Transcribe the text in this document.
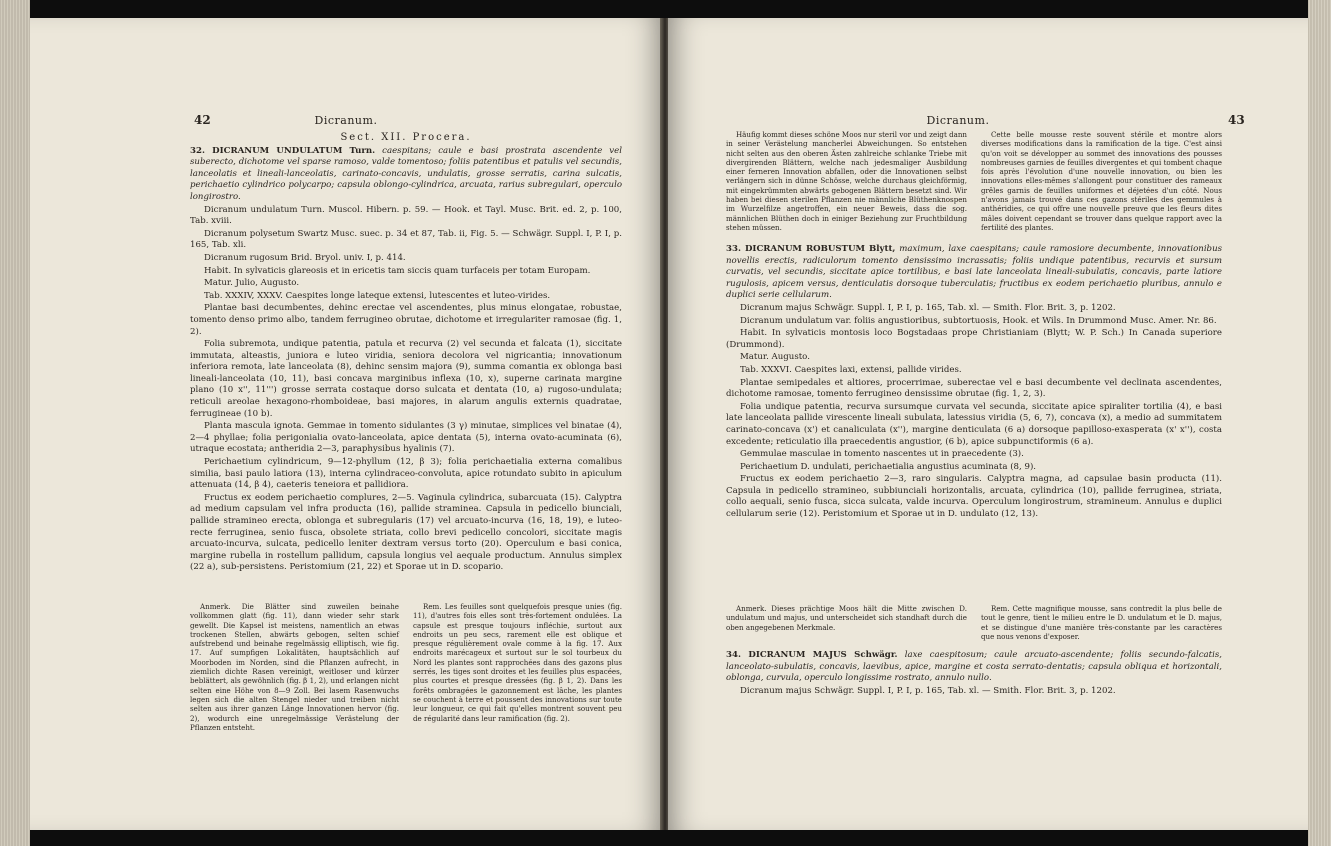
42	Dicranum.
Sect. XII. Procera.

32. DICRANUM UNDULATUM Turn. caespitans; caule e basi prostrata ascendente vel suberecto, dichotome vel sparse ramoso, valde tomentoso; foliis patentibus et patulis vel secundis, lanceolatis et lineali-lanceolatis, carinato-concavis, undulatis, grosse serratis, carina sulcatis, perichaetio cylindrico polycarpo; capsula oblongo-cylindrica, arcuata, rarius subregulari, operculo longirostro.

Dicranum undulatum Turn. Muscol. Hibern. p. 59. — Hook. et Tayl. Musc. Brit. ed. 2, p. 100, Tab. xviii.

Dicranum polysetum Swartz Musc. suec. p. 34 et 87, Tab. ii, Fig. 5. — Schwägr. Suppl. I, P. I, p. 165, Tab. xli.

Dicranum rugosum Brid. Bryol. univ. I, p. 414.

Habit. In sylvaticis glareosis et in ericetis tam siccis quam turfaceis per totam Europam.

Matur. Julio, Augusto.

Tab. XXXIV, XXXV. Caespites longe lateque extensi, lutescentes et luteo-virides.

Plantae basi decumbentes, dehinc erectae vel ascendentes, plus minus elongatae, robustae, tomento denso primo albo, tandem ferrugineo obrutae, dichotome et irregulariter ramosae (fig. 1, 2).

Folia subremota, undique patentia, patula et recurva (2) vel secunda et falcata (1), siccitate immutata, alteastis, juniora e luteo viridia, seniora decolora vel nigricantia; innovationum inferiora remota, late lanceolata (8), dehinc sensim majora (9), summa comantia ex oblonga basi lineali-lanceolata (10, 11), basi concava marginibus inflexa (10, x), superne carinata margine plano (10 x'', 11''') grosse serrata costaque dorso sulcata et dentata (10, a) rugoso-undulata; reticuli areolae hexagono-rhomboideae, basi majores, in alarum angulis externis quadratae, ferrugineae (10 b).

Planta mascula ignota. Gemmae in tomento sidulantes (3 γ) minutae, simplices vel binatae (4), 2—4 phyllae; folia perigonialia ovato-lanceolata, apice dentata (5), interna ovato-acuminata (6), utraque ecostata; antheridia 2—3, paraphysibus hyalinis (7).

Perichaetium cylindricum, 9—12-phyllum (12, β 3); folia perichaetialia externa comalibus similia, basi paulo latiora (13), interna cylindraceo-convoluta, apice rotundato subito in apiculum attenuata (14, β 4), caeteris teneiora et pallidiora.

Fructus ex eodem perichaetio complures, 2—5. Vaginula cylindrica, subarcuata (15). Calyptra ad medium capsulam vel infra producta (16), pallide straminea. Capsula in pedicello biunciali, pallide stramineo erecta, oblonga et subregularis (17) vel arcuato-incurva (16, 18, 19), e luteo-recte ferruginea, senio fusca, obsolete striata, collo brevi pedicello concolori, siccitate magis arcuato-incurva, sulcata, pedicello leniter dextram versus torto (20). Operculum e basi conica, margine rubella in rostellum pallidum, capsula longius vel aequale productum. Annulus simplex (22 a), sub-persistens. Peristomium (21, 22) et Sporae ut in D. scopario.

Anmerk. Die Blätter sind zuweilen beinahe vollkommen glatt (fig. 11), dann wieder sehr stark gewellt. Die Kapsel ist meistens, namentlich an etwas trockenen Stellen, abwärts gebogen, selten schief aufstrebend und beinahe regelmässig elliptisch, wie fig. 17. Auf sumpfigen Lokalitäten, hauptsächlich auf Moorboden im Norden, sind die Pflanzen aufrecht, in ziemlich dichte Rasen vereinigt, weitloser und kürzer beblättert, als gewöhnlich (fig. β 1, 2), und erlangen nicht selten eine Höhe von 8—9 Zoll. Bei lasem Rasenwuchs legen sich die alten Stengel nieder und treiben nicht selten aus ihrer ganzen Länge Innovationen hervor (fig. 2), wodurch eine unregelmässige Verästelung der Pflanzen entsteht.

Rem. Les feuilles sont quelquefois presque unies (fig. 11), d'autres fois elles sont très-fortement ondulées. La capsule est presque toujours infléchie, surtout aux endroits un peu secs, rarement elle est oblique et presque régulièrement ovale comme à la fig. 17. Aux endroits marécageux et surtout sur le sol tourbeux du Nord les plantes sont rapprochées dans des gazons plus serrés, les tiges sont droites et les feuilles plus espacées, plus courtes et presque dressées (fig. β 1, 2). Dans les forêts ombragées le gazonnement est lâche, les plantes se couchent à terre et poussent des innovations sur toute leur longueur, ce qui fait qu'elles montrent souvent peu de régularité dans leur ramification (fig. 2).

Dicranum.	43

Häufig kommt dieses schöne Moos nur steril vor und zeigt dann in seiner Verästelung mancherlei Abweichungen. So entstehen nicht selten aus den oberen Ästen zahlreiche schlanke Triebe mit divergirenden Blättern, welche nach jedesmaliger Ausbildung einer ferneren Innovation abfallen, oder die Innovationen selbst verlängern sich in dünne Schösse, welche durchaus gleichförmig, mit eingekrümmten abwärts gebogenen Blättern besetzt sind. Wir haben bei diesen sterilen Pflanzen nie männliche Blüthenknospen im Wurzelfilze angetroffen, ein neuer Beweis, dass die sog. männlichen Blüthen doch in einiger Beziehung zur Fruchtbildung stehen müssen.

Cette belle mousse reste souvent stérile et montre alors diverses modifications dans la ramification de la tige. C'est ainsi qu'on voit se développer au sommet des innovations des pousses nombreuses garnies de feuilles divergentes et qui tombent chaque fois après l'évolution d'une nouvelle innovation, ou bien les innovations elles-mêmes s'allongent pour constituer des rameaux grêles garnis de feuilles uniformes et déjetées d'un côté. Nous n'avons jamais trouvé dans ces gazons stériles des gemmules à anthéridies, ce qui offre une nouvelle preuve que les fleurs dites mâles doivent cependant se trouver dans quelque rapport avec la fertilité des plantes.

33. DICRANUM ROBUSTUM Blytt, maximum, laxe caespitans; caule ramosiore decumbente, innovationibus novellis erectis, radiculorum tomento densissimo incrassatis; foliis undique patentibus, recurvis et sursum curvatis, vel secundis, siccitate apice tortilibus, e basi late lanceolata lineali-subulatis, concavis, parte latiore rugulosis, apicem versus, denticulatis dorsoque tuberculatis; fructibus ex eodem perichaetio pluribus, annulo e duplici serie cellularum.

Dicranum majus Schwägr. Suppl. I, P. I, p. 165, Tab. xl. — Smith. Flor. Brit. 3, p. 1202.

Dicranum undulatum var. foliis angustioribus, subtortuosis, Hook. et Wils. In Drummond Musc. Amer. Nr. 86.

Habit. In sylvaticis montosis loco Bogstadaas prope Christianiam (Blytt; W. P. Sch.) In Canada superiore (Drummond).

Matur. Augusto.

Tab. XXXVI. Caespites laxi, extensi, pallide virides.

Plantae semipedales et altiores, procerrimae, suberectae vel e basi decumbente vel declinata ascendentes, dichotome ramosae, tomento ferrugineo densissime obrutae (fig. 1, 2, 3).

Folia undique patentia, recurva sursumque curvata vel secunda, siccitate apice spiraliter tortilia (4), e basi late lanceolata pallide virescente lineali subulata, latessius viridia (5, 6, 7), concava (x), a medio ad summitatem carinato-concava (x') et canaliculata (x''), margine denticulata (6 a) dorsoque papilloso-exasperata (x' x''), costa excedente; reticulatio illa praecedentis angustior, (6 b), apice subpunctiformis (6 a).

Gemmulae masculae in tomento nascentes ut in praecedente (3).

Perichaetium D. undulati, perichaetialia angustius acuminata (8, 9).

Fructus ex eodem perichaetio 2—3, raro singularis. Calyptra magna, ad capsulae basin producta (11). Capsula in pedicello stramineo, subbiunciali horizontalis, arcuata, cylindrica (10), pallide ferruginea, striata, collo aequali, senio fusca, sicca sulcata, valde incurva. Operculum longirostrum, stramineum. Annulus e duplici cellularum serie (12). Peristomium et Sporae ut in D. undulato (12, 13).

Anmerk. Dieses prächtige Moos hält die Mitte zwischen D. undulatum und majus, und unterscheidet sich standhaft durch die oben angegebenen Merkmale.

Rem. Cette magnifique mousse, sans contredit la plus belle de tout le genre, tient le milieu entre le D. undulatum et le D. majus, et se distingue d'une manière très-constante par les caractères que nous venons d'exposer.

34. DICRANUM MAJUS Schwägr. laxe caespitosum; caule arcuato-ascendente; foliis secundo-falcatis, lanceolato-subulatis, concavis, laevibus, apice, margine et costa serrato-dentatis; capsula obliqua et horizontali, oblonga, curvula, operculo longissime rostrato, annulo nullo.

Dicranum majus Schwägr. Suppl. I, P. I, p. 165, Tab. xl. — Smith. Flor. Brit. 3, p. 1202.
